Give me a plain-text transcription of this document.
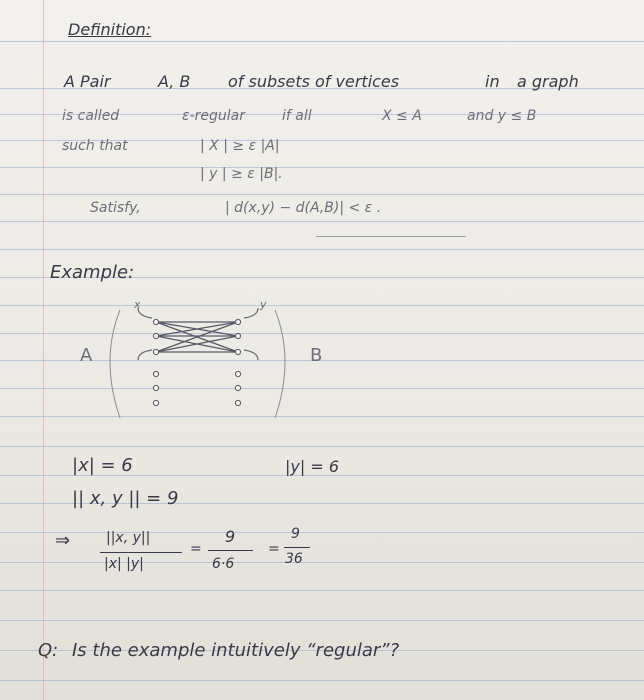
Definition:
A Pair	A, B of subsets of vertices	in a graph
is called	ε-regular	if all	X ≤ A	and y ≤ B
such that	| X | ≥ ε |A|
| y | ≥ ε |B|.
Satisfy,	| d(x,y) − d(A,B)| < ε .
Example:
x	y
A	B
|x| = 6	|y| = 6
|| x, y || = 9
⇒	||x, y||
|x| |y|
=
9
6·6
=
9
36
Q: Is the example intuitively “regular”?
